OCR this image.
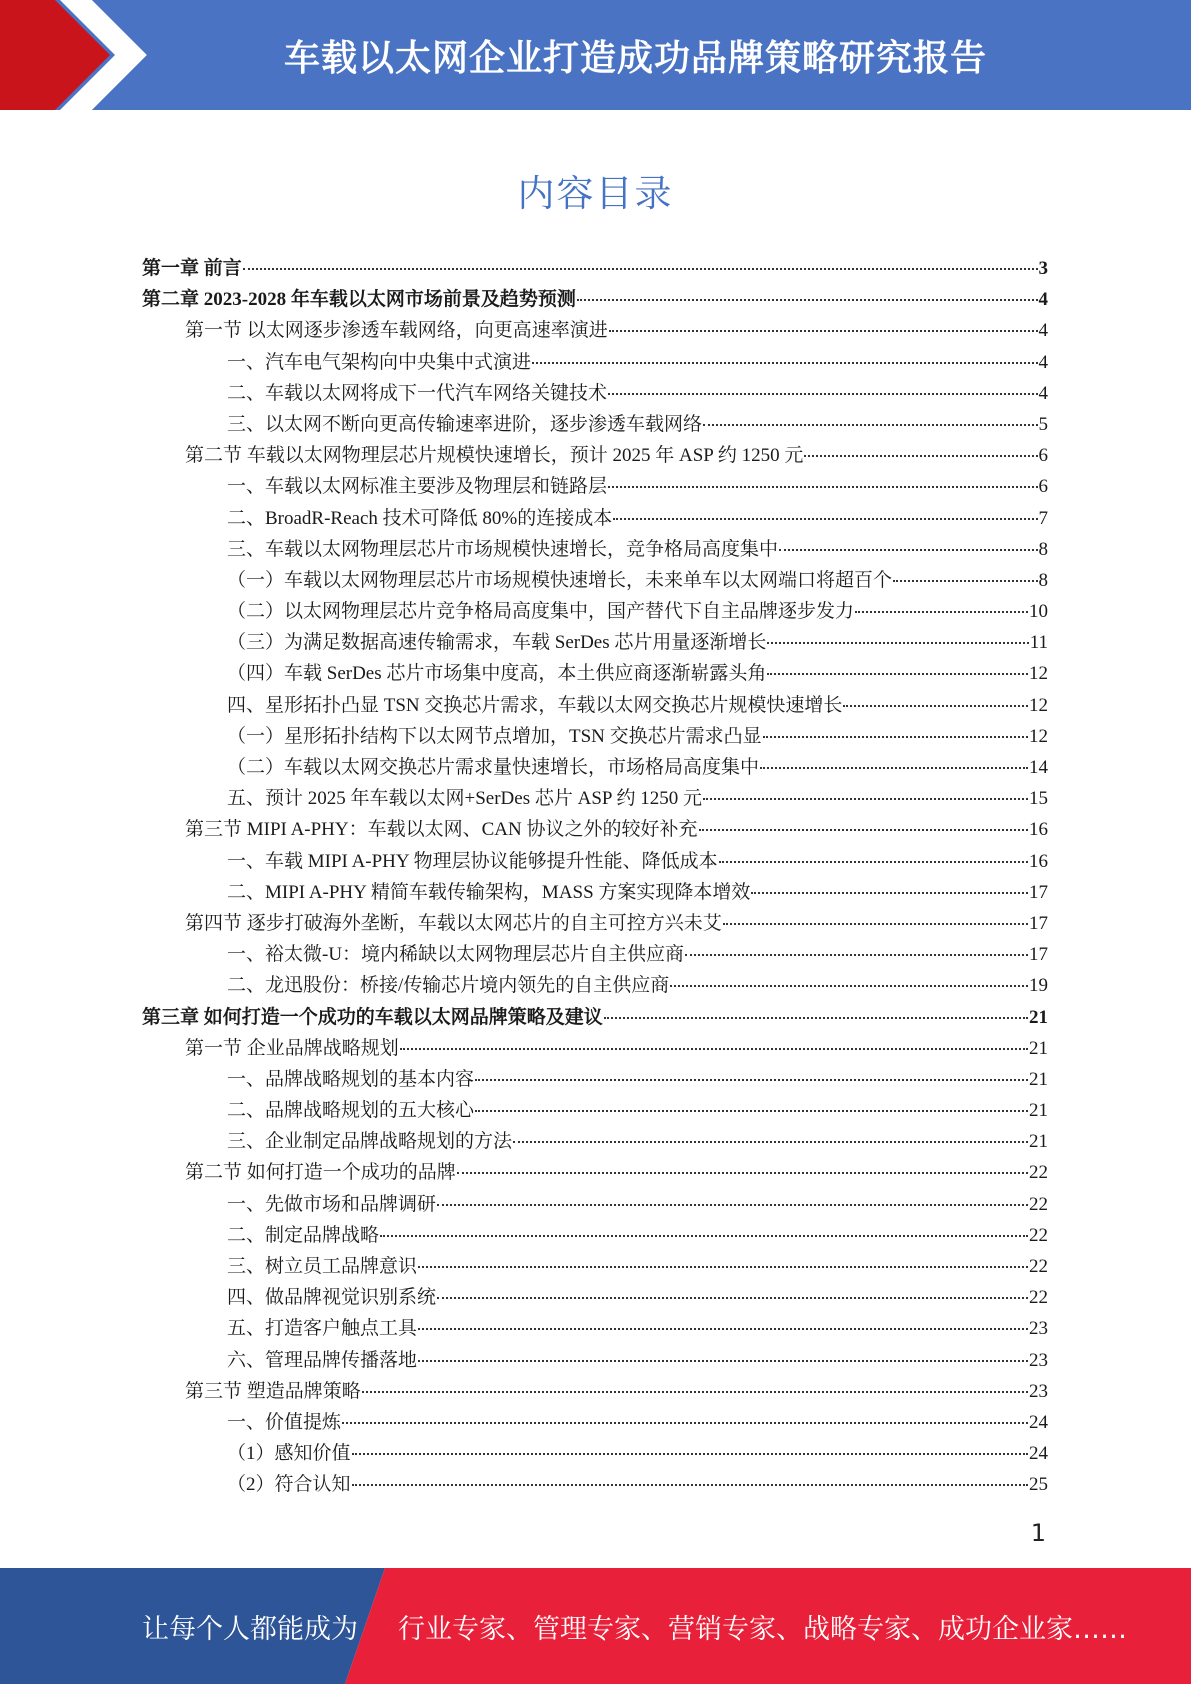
车载以太网企业打造成功品牌策略研究报告
内容目录
第一章 前言	3
第二章 2023-2028 年车载以太网市场前景及趋势预测	4
第一节 以太网逐步渗透车载网络，向更高速率演进	4
一、汽车电气架构向中央集中式演进	4
二、车载以太网将成下一代汽车网络关键技术	4
三、以太网不断向更高传输速率进阶，逐步渗透车载网络	5
第二节 车载以太网物理层芯片规模快速增长，预计 2025 年 ASP 约 1250 元	6
一、车载以太网标准主要涉及物理层和链路层	6
二、BroadR-Reach 技术可降低 80%的连接成本	7
三、车载以太网物理层芯片市场规模快速增长，竞争格局高度集中	8
（一）车载以太网物理层芯片市场规模快速增长，未来单车以太网端口将超百个	8
（二）以太网物理层芯片竞争格局高度集中，国产替代下自主品牌逐步发力	10
（三）为满足数据高速传输需求，车载 SerDes 芯片用量逐渐增长	11
（四）车载 SerDes 芯片市场集中度高，本土供应商逐渐崭露头角	12
四、星形拓扑凸显 TSN 交换芯片需求，车载以太网交换芯片规模快速增长	12
（一）星形拓扑结构下以太网节点增加，TSN 交换芯片需求凸显	12
（二）车载以太网交换芯片需求量快速增长，市场格局高度集中	14
五、预计 2025 年车载以太网+SerDes 芯片 ASP 约 1250 元	15
第三节 MIPI A-PHY：车载以太网、CAN 协议之外的较好补充	16
一、车载 MIPI A-PHY 物理层协议能够提升性能、降低成本	16
二、MIPI A-PHY 精简车载传输架构，MASS 方案实现降本增效	17
第四节 逐步打破海外垄断，车载以太网芯片的自主可控方兴未艾	17
一、裕太微-U：境内稀缺以太网物理层芯片自主供应商	17
二、龙迅股份：桥接/传输芯片境内领先的自主供应商	19
第三章 如何打造一个成功的车载以太网品牌策略及建议	21
第一节 企业品牌战略规划	21
一、品牌战略规划的基本内容	21
二、品牌战略规划的五大核心	21
三、企业制定品牌战略规划的方法	21
第二节 如何打造一个成功的品牌	22
一、先做市场和品牌调研	22
二、制定品牌战略	22
三、树立员工品牌意识	22
四、做品牌视觉识别系统	22
五、打造客户触点工具	23
六、管理品牌传播落地	23
第三节 塑造品牌策略	23
一、价值提炼	24
（1）感知价值	24
（2）符合认知	25
1
让每个人都能成为 行业专家、管理专家、营销专家、战略专家、成功企业家……
